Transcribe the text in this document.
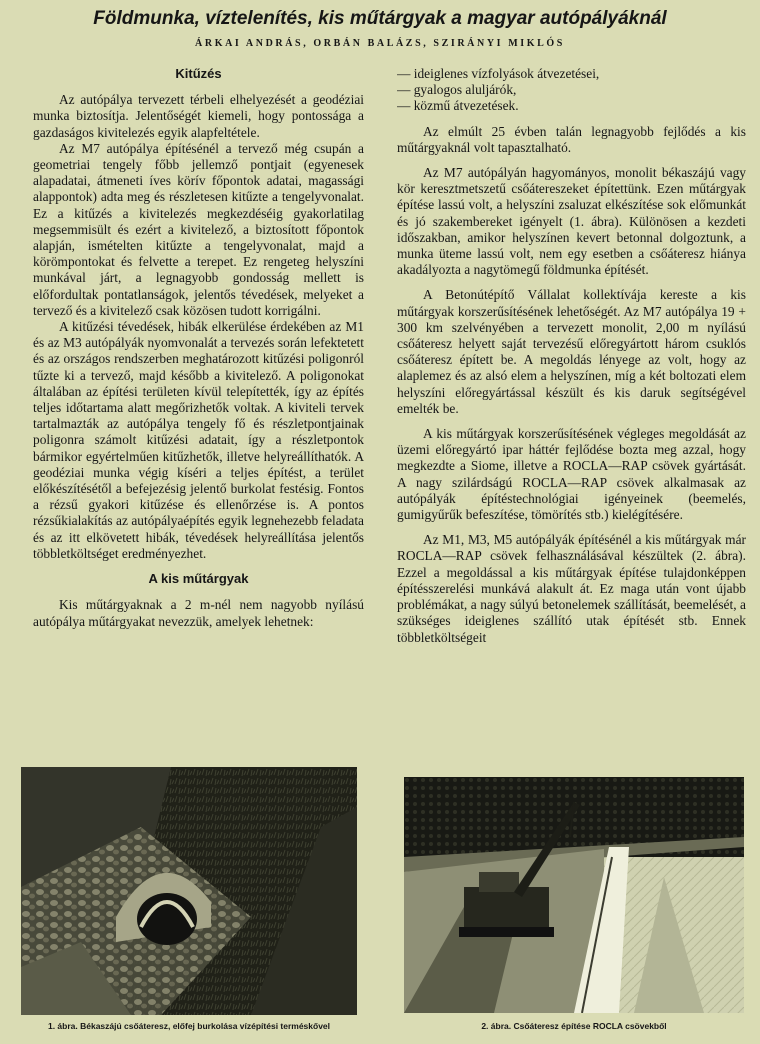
Földmunka, víztelenítés, kis műtárgyak a magyar autópályáknál
ÁRKAI ANDRÁS, ORBÁN BALÁZS, SZIRÁNYI MIKLÓS
Kitűzés

Az autópálya tervezett térbeli elhelyezését a geodéziai munka biztosítja. Jelentőségét kiemeli, hogy pontossága a gazdaságos kivitelezés egyik alapfeltétele.

Az M7 autópálya építésénél a tervező még csupán a geometriai tengely főbb jellemző pontjait (egyenesek alapadatai, átmeneti íves körív főpontok adatai, magassági alappontok) adta meg és részletesen kitűzte a tengelyvonalat. Ez a kitűzés a kivitelezés megkezdéséig gyakorlatilag megsemmisült és ezért a kivitelező, a biztosított főpontok alapján, ismételten kitűzte a tengelyvonalat, majd a körömpontokat és felvette a terepet. Ez rengeteg helyszíni munkával járt, a legnagyobb gondosság mellett is előfordultak pontatlanságok, jelentős tévedések, melyeket a tervező és a kivitelező csak közösen tudott korrigálni.

A kitűzési tévedések, hibák elkerülése érdekében az M1 és az M3 autópályák nyomvonalát a tervezés során lefektetett és az országos rendszerben meghatározott kitűzési poligonról tűzte ki a tervező, majd később a kivitelező. A poligonokat általában az építési területen kívül telepítették, így az építés teljes időtartama alatt megőrizhetők voltak. A kiviteli tervek tartalmazták az autópálya tengely fő és részletpontjainak poligonra számolt kitűzési adatait, így a részletpontok bármikor egyértelműen kitűzhetők, illetve helyreállíthatók. A geodéziai munka végig kíséri a teljes építést, a terület előkészítésétől a befejezésig jelentő burkolat festésig. Fontos a rézsű gyakori kitűzése és ellenőrzése is. A pontos rézsűkialakítás az autópályaépítés egyik legnehezebb feladata és az itt elkövetett hibák, tévedések helyreállítása jelentős többletköltséget eredményezhet.

A kis műtárgyak

Kis műtárgyaknak a 2 m-nél nem nagyobb nyílású autópálya műtárgyakat nevezzük, amelyek lehetnek:

— ideiglenes vízfolyások átvezetései,
— gyalogos aluljárók,
— közmű átvezetések.

Az elmúlt 25 évben talán legnagyobb fejlődés a kis műtárgyaknál volt tapasztalható.

Az M7 autópályán hagyományos, monolit békaszájú vagy kör keresztmetszetű csőátereszeket építettünk. Ezen műtárgyak építése lassú volt, a helyszíni zsaluzat elkészítése sok előmunkát és jó szakembereket igényelt (1. ábra). Különösen a kezdeti időszakban, amikor helyszínen kevert betonnal dolgoztunk, a munka üteme lassú volt, nem egy esetben a csőáteresz hiánya akadályozta a nagytömegű földmunka építését.

A Betonútépítő Vállalat kollektívája kereste a kis műtárgyak korszerűsítésének lehetőségét. Az M7 autópálya 19 + 300 km szelvényében a tervezett monolit, 2,00 m nyílású csőáteresz helyett saját tervezésű előregyártott három csuklós csőáteresz épített be. A megoldás lényege az volt, hogy az alaplemez és az alsó elem a helyszínen, míg a két boltozati elem helyszíni előregyártással készült és kis daruk segítségével emelték be.

A kis műtárgyak korszerűsítésének végleges megoldását az üzemi előregyártó ipar háttér fejlődése bozta meg azzal, hogy megkezdte a Siome, illetve a ROCLA—RAP csövek gyártását. A nagy szilárdságú ROCLA—RAP csövek alkalmasak az autópályák építéstechnológiai igényeinek (beemelés, gumigyűrűk befeszítése, tömörítés stb.) kielégítésére.

Az M1, M3, M5 autópályák építésénél a kis műtárgyak már ROCLA—RAP csövek felhasználásával készültek (2. ábra). Ezzel a megoldással a kis műtárgyak építése tulajdonképpen építésszerelési munkává alakult át. Ez maga után vont újabb problémákat, a nagy súlyú betonelemek szállítását, beemelését, a szükséges ideiglenes szállító utak építését stb. Ennek többletköltségeit

1. ábra. Békaszájú csőáteresz, előfej burkolása vízépítési terméskővel	2. ábra. Csőáteresz építése ROCLA csövekből
